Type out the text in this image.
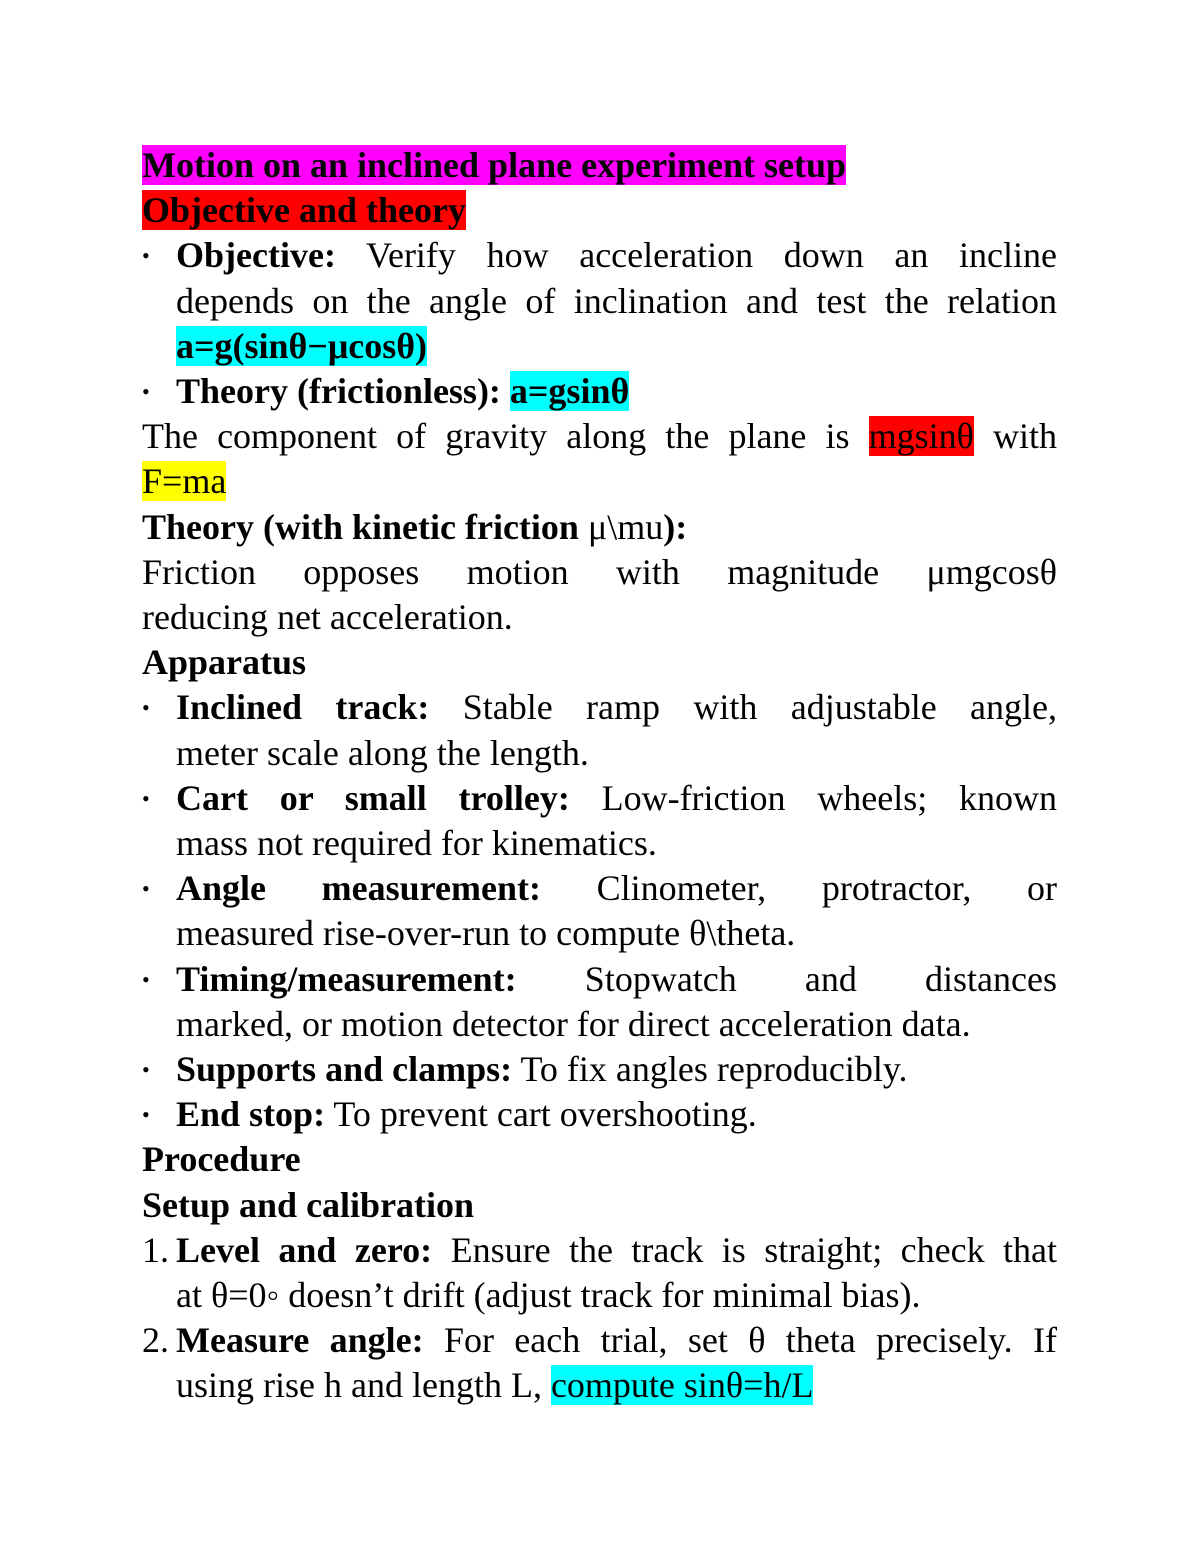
Motion on an inclined plane experiment setup

Objective and theory

• Objective: Verify how acceleration down an incline
depends on the angle of inclination and test the relation
a=g(sinθ−μcosθ)
• Theory (frictionless): a=gsinθ
The component of gravity along the plane is mgsinθ with

F=ma

Theory (with kinetic friction μ\mu):

Friction opposes motion with magnitude μmgcosθ

reducing net acceleration.

Apparatus

• Inclined track: Stable ramp with adjustable angle,
meter scale along the length.
• Cart or small trolley: Low-friction wheels; known
mass not required for kinematics.
• Angle measurement: Clinometer, protractor, or
measured rise-over-run to compute θ\theta.
• Timing/measurement: Stopwatch and distances
marked, or motion detector for direct acceleration data.
• Supports and clamps: To fix angles reproducibly.
• End stop: To prevent cart overshooting.

Procedure

Setup and calibration

1. Level and zero: Ensure the track is straight; check that
at θ=0◦ doesn’t drift (adjust track for minimal bias).
2. Measure angle: For each trial, set θ theta precisely. If
using rise h and length L, compute sinθ=h/L
